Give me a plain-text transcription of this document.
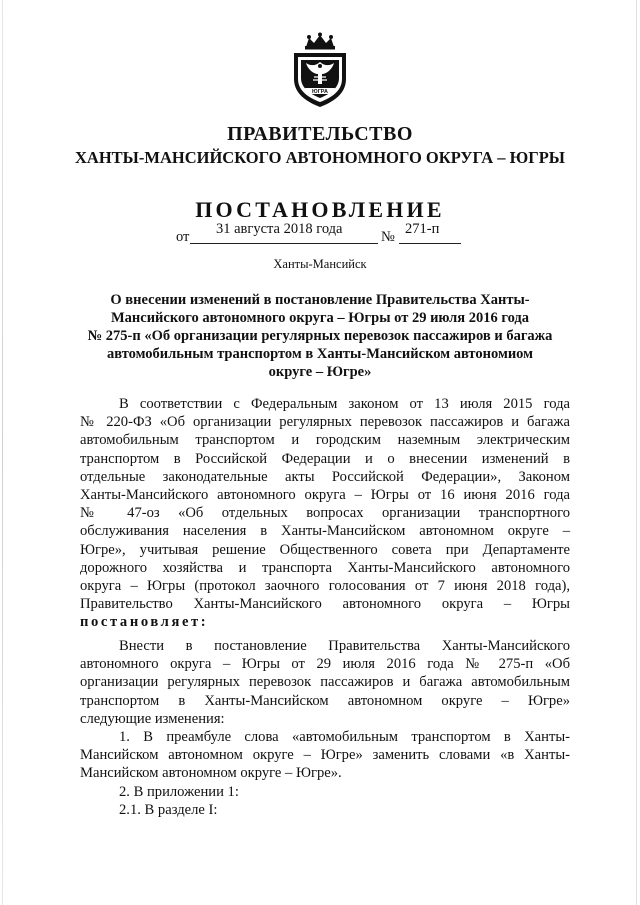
ЮГРА
ПРАВИТЕЛЬСТВО
ХАНТЫ-МАНСИЙСКОГО АВТОНОМНОГО ОКРУГА – ЮГРЫ
ПОСТАНОВЛЕНИЕ
от 31 августа 2018 года	№ 271-п
Ханты-Мансийск
О внесении изменений в постановление Правительства Ханты-
Мансийского автономного округа – Югры от 29 июля 2016 года
№ 275-п «Об организации регулярных перевозок пассажиров и багажа
автомобильным транспортом в Ханты-Мансийском автономиом
округе – Югре»
В соответствии с Федеральным законом от 13 июля 2015 года
№ 220-ФЗ «Об организации регулярных перевозок пассажиров и багажа
автомобильным транспортом и городским наземным электрическим
транспортом в Российской Федерации и о внесении изменений в
отдельные законодательные акты Российской Федерации», Законом
Ханты-Мансийского автономного округа – Югры от 16 июня 2016 года
№ 47-оз «Об отдельных вопросах организации транспортного
обслуживания населения в Ханты-Мансийском автономном округе –
Югре», учитывая решение Общественного совета при Департаменте
дорожного хозяйства и транспорта Ханты-Мансийского автономного
округа – Югры (протокол заочного голосования от 7 июня 2018 года),
Правительство Ханты-Мансийского автономного округа – Югры
постановляет:
Внести в постановление Правительства Ханты-Мансийского
автономного округа – Югры от 29 июля 2016 года № 275-п «Об
организации регулярных перевозок пассажиров и багажа автомобильным
транспортом в Ханты-Мансийском автономном округе – Югре»
следующие изменения:
1. В преамбуле слова «автомобильным транспортом в Ханты-
Мансийском автономном округе – Югре» заменить словами «в Ханты-
Мансийском автономном округе – Югре».
2. В приложении 1:
2.1. В разделе I:
